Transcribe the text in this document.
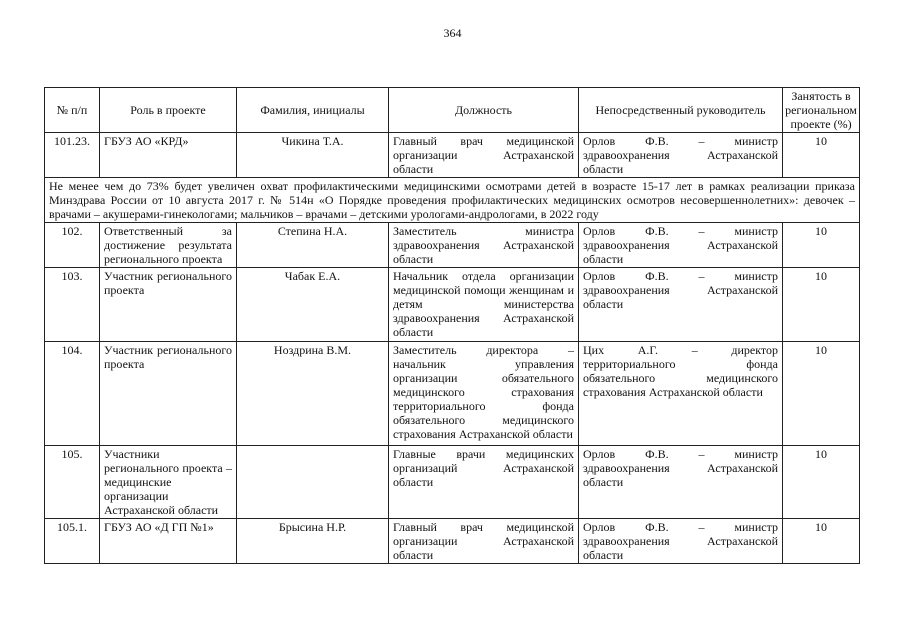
364
№ п/п	Роль в проекте	Фамилия, инициалы	Должность	Непосредственный руководитель	Занятость в региональном проекте (%)
101.23.	ГБУЗ АО «КРД»	Чикина Т.А.	Главный врач медицинской организации Астраханской области	Орлов Ф.В. – министр здравоохранения Астраханской области	10
Не менее чем до 73% будет увеличен охват профилактическими медицинскими осмотрами детей в возрасте 15-17 лет в рамках реализации приказа Минздрава России от 10 августа 2017 г. № 514н «О Порядке проведения профилактических медицинских осмотров несовершеннолетних»: девочек – врачами – акушерами-гинекологами; мальчиков – врачами – детскими урологами-андрологами, в 2022 году					
102.	Ответственный за достижение результата регионального проекта	Степина Н.А.	Заместитель министра здравоохранения Астраханской области	Орлов Ф.В. – министр здравоохранения Астраханской области	10
103.	Участник регионального проекта	Чабак Е.А.	Начальник отдела организации медицинской помощи женщинам и детям министерства здравоохранения Астраханской области	Орлов Ф.В. – министр здравоохранения Астраханской области	10
104.	Участник регионального проекта	Ноздрина В.М.	Заместитель директора – начальник управления организации обязательного медицинского страхования территориального фонда обязательного медицинского страхования Астраханской области	Цих А.Г. – директор территориального фонда обязательного медицинского страхования Астраханской области	10
105.	Участники регионального проекта – медицинские организации Астраханской области		Главные врачи медицинских организаций Астраханской области	Орлов Ф.В. – министр здравоохранения Астраханской области	10
105.1.	ГБУЗ АО «Д ГП №1»	Брысина Н.Р.	Главный врач медицинской организации Астраханской области	Орлов Ф.В. – министр здравоохранения Астраханской области	10
